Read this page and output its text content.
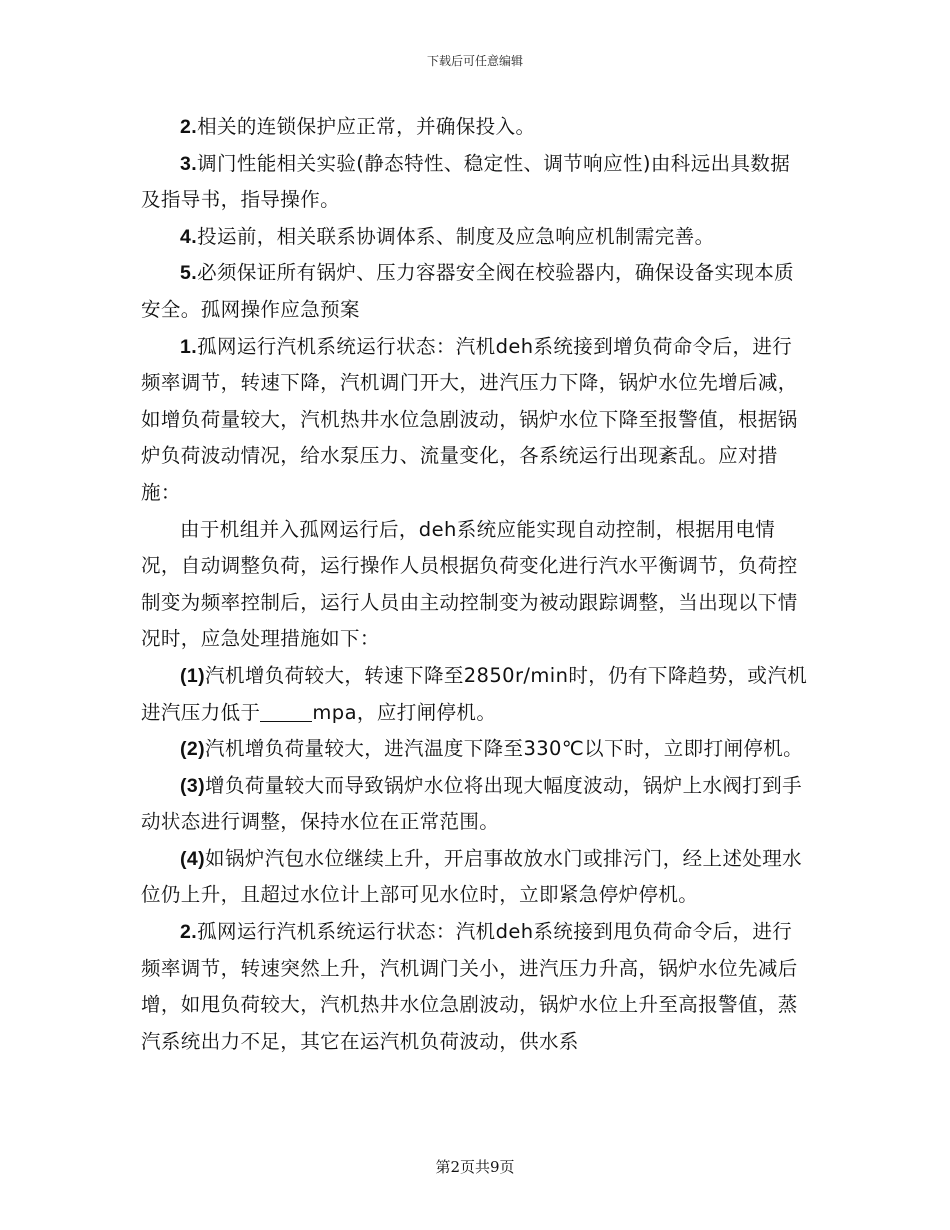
下载后可任意编辑

2.相关的连锁保护应正常，并确保投入。

3.调门性能相关实验(静态特性、稳定性、调节响应性)由科远出具数据及指导书，指导操作。

4.投运前，相关联系协调体系、制度及应急响应机制需完善。

5.必须保证所有锅炉、压力容器安全阀在校验器内，确保设备实现本质安全。孤网操作应急预案

1.孤网运行汽机系统运行状态：汽机deh系统接到增负荷命令后，进行频率调节，转速下降，汽机调门开大，进汽压力下降，锅炉水位先增后减，如增负荷量较大，汽机热井水位急剧波动，锅炉水位下降至报警值，根据锅炉负荷波动情况，给水泵压力、流量变化，各系统运行出现紊乱。应对措施：

由于机组并入孤网运行后，deh系统应能实现自动控制，根据用电情况，自动调整负荷，运行操作人员根据负荷变化进行汽水平衡调节，负荷控制变为频率控制后，运行人员由主动控制变为被动跟踪调整，当出现以下情况时，应急处理措施如下：

(1)汽机增负荷较大，转速下降至2850r/min时，仍有下降趋势，或汽机进汽压力低于	mpa，应打闸停机。

(2)汽机增负荷量较大，进汽温度下降至330℃以下时，立即打闸停机。

(3)增负荷量较大而导致锅炉水位将出现大幅度波动，锅炉上水阀打到手动状态进行调整，保持水位在正常范围。

(4)如锅炉汽包水位继续上升，开启事故放水门或排污门，经上述处理水位仍上升，且超过水位计上部可见水位时，立即紧急停炉停机。

2.孤网运行汽机系统运行状态：汽机deh系统接到甩负荷命令后，进行频率调节，转速突然上升，汽机调门关小，进汽压力升高，锅炉水位先减后增，如甩负荷较大，汽机热井水位急剧波动，锅炉水位上升至高报警值，蒸汽系统出力不足，其它在运汽机负荷波动，供水系

第2页共9页
